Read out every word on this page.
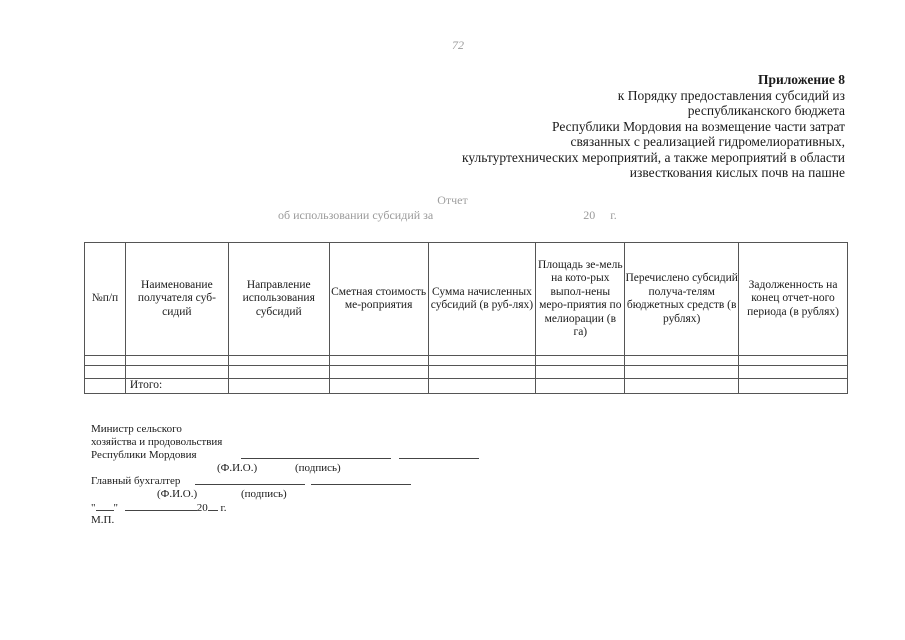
72
Приложение 8
к Порядку предоставления субсидий из
республиканского бюджета
Республики Мордовия на возмещение части затрат
связанных с реализацией гидромелиоративных,
культуртехнических мероприятий, а также мероприятий в области
известкования кислых почв на пашне
Отчет
об использовании субсидий за	20     г.
№п/п	Наименование получателя суб-сидий	Направление использования субсидий	Сметная стоимость ме-роприятия	Сумма начисленных субсидий (в руб-лях)	Площадь зе-мель на кото-рых выпол-нены меро-приятия по мелиорации (в га)	Перечислено субсидий получа-телям бюджетных средств (в рублях)	Задолженность на конец отчет-ного периода (в рублях)

	Итого:						
Министр сельского
хозяйства и продовольствия
Республики Мордовия
(Ф.И.О.)	(подпись)
Главный бухгалтер
(Ф.И.О.)	(подпись)
" "	20 г.
М.П.
